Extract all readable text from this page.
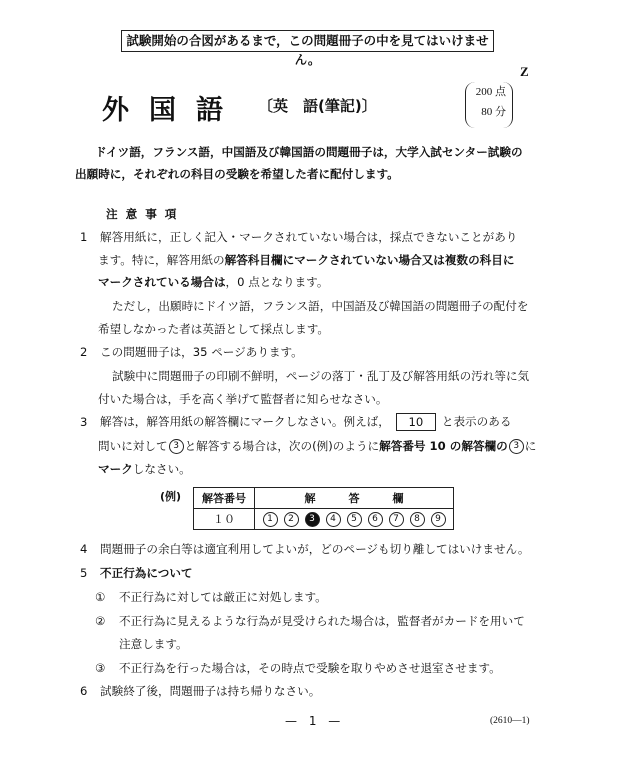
試験開始の合図があるまで，この問題冊子の中を見てはいけません。
Z
外国語 〔英　語(筆記)〕
200 点
80 分
ドイツ語，フランス語，中国語及び韓国語の問題冊子は，大学入試センター試験の
出願時に，それぞれの科目の受験を希望した者に配付します。
注意事項
1 解答用紙に，正しく記入・マークされていない場合は，採点できないことがあり
ます。特に，解答用紙の解答科目欄にマークされていない場合又は複数の科目に
マークされている場合は，0 点となります。
ただし，出願時にドイツ語，フランス語，中国語及び韓国語の問題冊子の配付を
希望しなかった者は英語として採点します。
2 この問題冊子は，35 ページあります。
試験中に問題冊子の印刷不鮮明，ページの落丁・乱丁及び解答用紙の汚れ等に気
付いた場合は，手を高く挙げて監督者に知らせなさい。
3 解答は，解答用紙の解答欄にマークしなさい。例えば， 10 と表示のある
問いに対して 3 と解答する場合は，次の(例)のように解答番号 10 の解答欄の 3 に
マークしなさい。
(例) 解答番号	解　　　答　　　欄
１０	1 2 3 4 5 6 7 8 9
4 問題冊子の余白等は適宜利用してよいが，どのページも切り離してはいけません。
5 不正行為について
① 不正行為に対しては厳正に対処します。
② 不正行為に見えるような行為が見受けられた場合は，監督者がカードを用いて
注意します。
③ 不正行為を行った場合は，その時点で受験を取りやめさせ退室させます。
6 試験終了後，問題冊子は持ち帰りなさい。
— 1 —	(2610—1)
